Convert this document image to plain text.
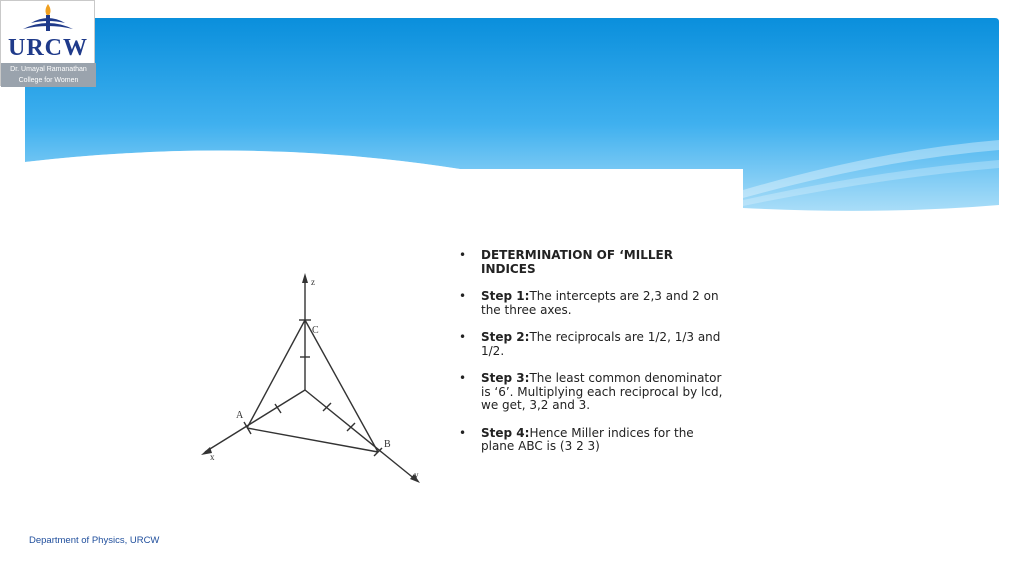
URCW
Dr. Umayal Ramanathan
College for Women
z
C
A
B
x
y
• DETERMINATION OF ‘MILLER INDICES
• Step 1:The intercepts are 2,3 and 2 on the three axes.
• Step 2:The reciprocals are 1/2, 1/3 and 1/2.
• Step 3:The least common denominator is ‘6’. Multiplying each reciprocal by lcd, we get, 3,2 and 3.
• Step 4:Hence Miller indices for the plane ABC is (3 2 3)
Department of Physics, URCW
